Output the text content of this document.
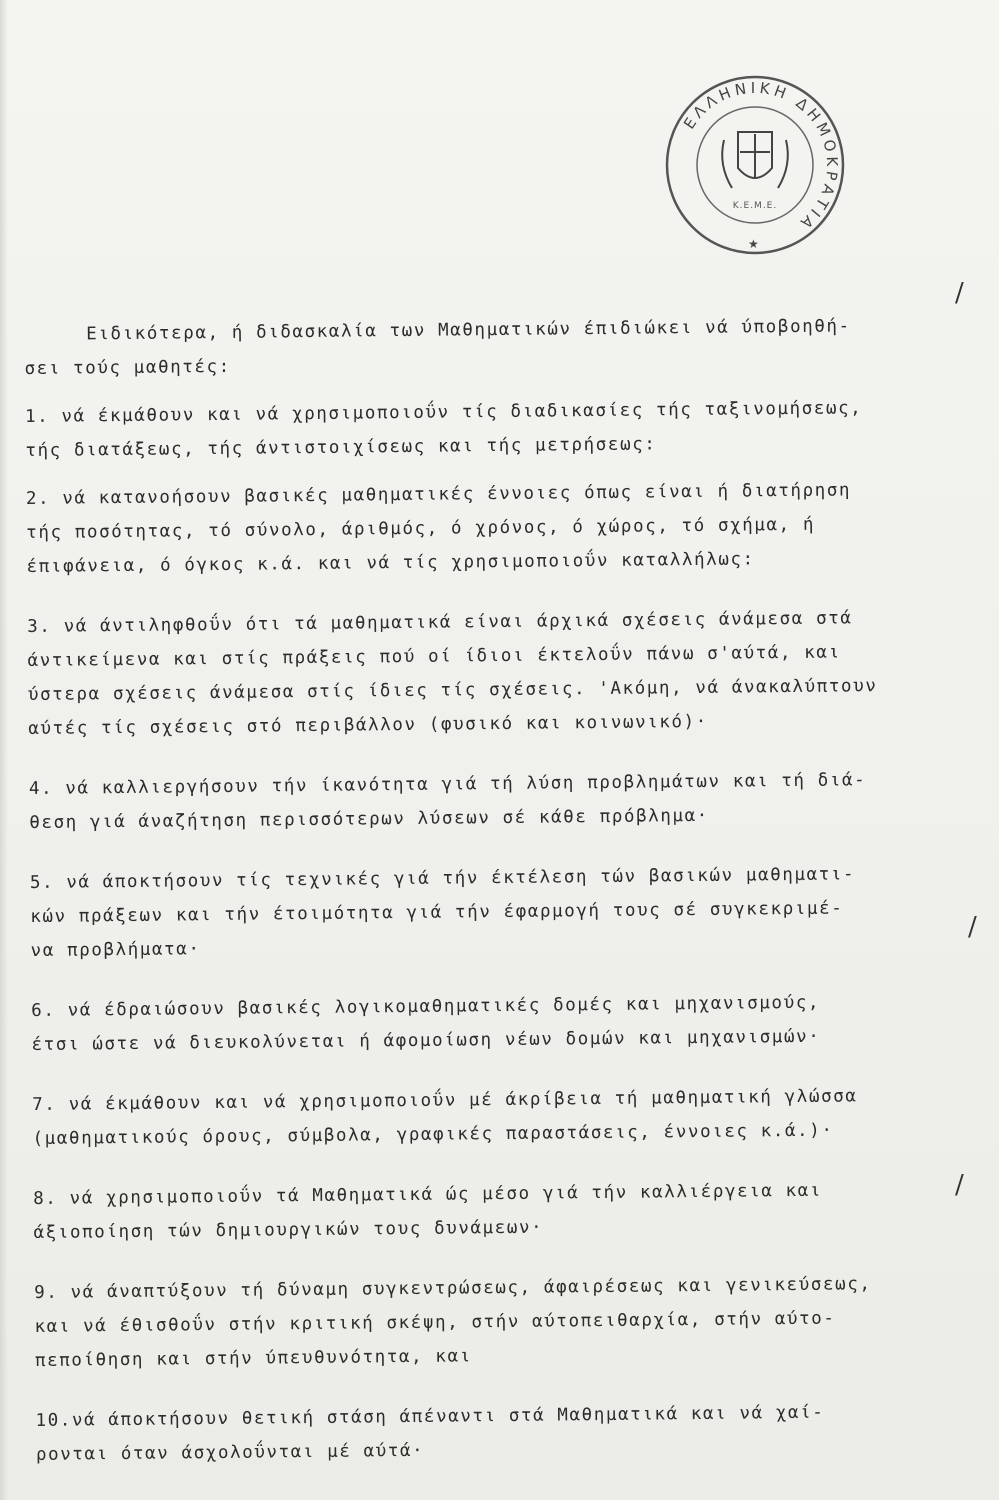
ΕΛΛΗΝΙΚΗ ΔΗΜΟΚΡΑΤΙΑ
Κ.Ε.Μ.Ε.
★
/
/
/
Ειδικότερα, ή διδασκαλία των Μαθηματικών έπιδιώκει νά ύποβοηθή-
σει τούς μαθητές:
1. νά έκμάθουν και νά χρησιμοποιοΰν τίς διαδικασίες τής ταξινομήσεως,
τής διατάξεως, τής άντιστοιχίσεως και τής μετρήσεως:
2. νά κατανοήσουν βασικές μαθηματικές έννοιες όπως είναι ή διατήρηση
τής ποσότητας, τό σύνολο, άριθμός, ό χρόνος, ό χώρος, τό σχήμα, ή
έπιφάνεια, ό όγκος κ.ά. και νά τίς χρησιμοποιοΰν καταλλήλως:
3. νά άντιληφθοΰν ότι τά μαθηματικά είναι άρχικά σχέσεις άνάμεσα στά
άντικείμενα και στίς πράξεις πού οί ίδιοι έκτελοΰν πάνω σ'αύτά, και
ύστερα σχέσεις άνάμεσα στίς ίδιες τίς σχέσεις. 'Ακόμη, νά άνακαλύπτουν
αύτές τίς σχέσεις στό περιβάλλον (φυσικό και κοινωνικό)·
4. νά καλλιεργήσουν τήν ίκανότητα γιά τή λύση προβλημάτων και τή διά-
θεση γιά άναζήτηση περισσότερων λύσεων σέ κάθε πρόβλημα·
5. νά άποκτήσουν τίς τεχνικές γιά τήν έκτέλεση τών βασικών μαθηματι-
κών πράξεων και τήν έτοιμότητα γιά τήν έφαρμογή τους σέ συγκεκριμέ-
να προβλήματα·
6. νά έδραιώσουν βασικές λογικομαθηματικές δομές και μηχανισμούς,
έτσι ώστε νά διευκολύνεται ή άφομοίωση νέων δομών και μηχανισμών·
7. νά έκμάθουν και νά χρησιμοποιοΰν μέ άκρίβεια τή μαθηματική γλώσσα
(μαθηματικούς όρους, σύμβολα, γραφικές παραστάσεις, έννοιες κ.ά.)·
8. νά χρησιμοποιοΰν τά Μαθηματικά ώς μέσο γιά τήν καλλιέργεια και
άξιοποίηση τών δημιουργικών τους δυνάμεων·
9. νά άναπτύξουν τή δύναμη συγκεντρώσεως, άφαιρέσεως και γενικεύσεως,
και νά έθισθοΰν στήν κριτική σκέψη, στήν αύτοπειθαρχία, στήν αύτο-
πεποίθηση και στήν ύπευθυνότητα, και
10.νά άποκτήσουν θετική στάση άπέναντι στά Μαθηματικά και νά χαί-
ρονται όταν άσχολοΰνται μέ αύτά·
